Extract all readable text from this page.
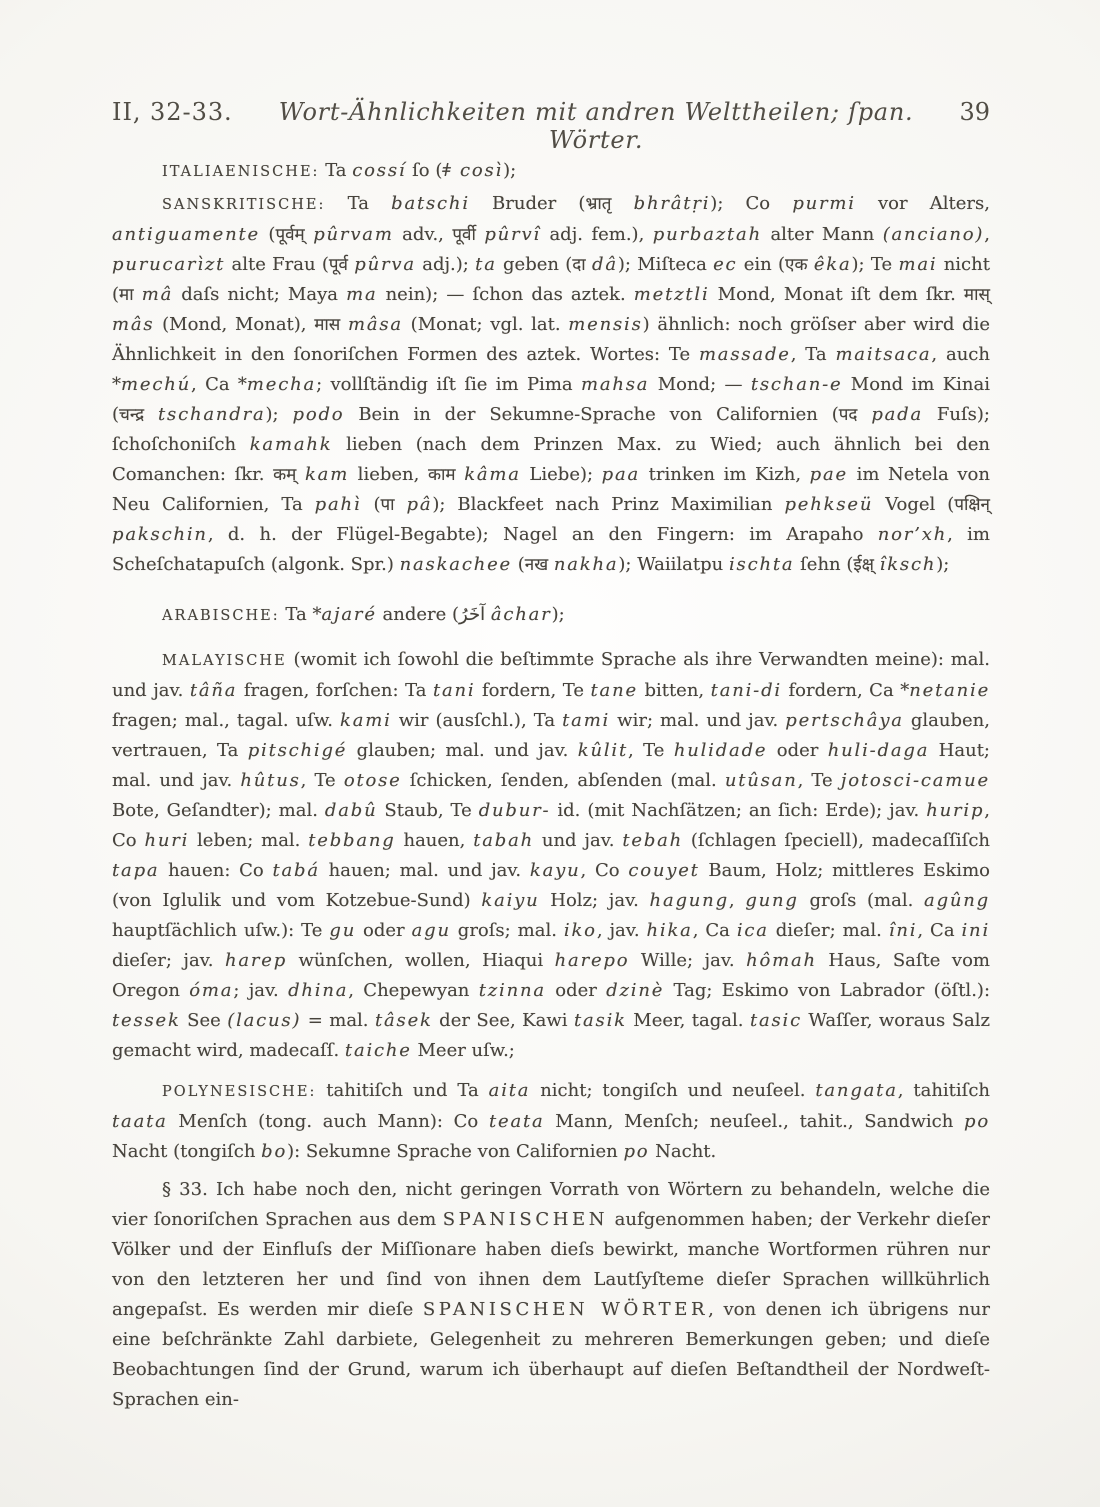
II, 32-33.	Wort-Ähnlichkeiten mit andren Welttheilen; ſpan. Wörter.
39

ITALIAENISCHE: Ta cossí ſo (ǂ così);

SANSKRITISCHE: Ta batschi Bruder (भ्रातृ bhrâtṛi); Co purmi vor Alters, antiguamente (पूर्वम् pûrvam adv., पूर्वी pûrvî adj. fem.), purbaztah alter Mann (anciano), purucarìzt alte Frau (पूर्व pûrva adj.); ta geben (दा dâ); Miſteca ec ein (एक êka); Te mai nicht (मा mâ daſs nicht; Maya ma nein); — ſchon das aztek. metztli Mond, Monat iſt dem ſkr. मास् mâs (Mond, Monat), मास mâsa (Monat; vgl. lat. mensis) ähnlich: noch gröſser aber wird die Ähnlichkeit in den ſonoriſchen Formen des aztek. Wortes: Te massade, Ta maitsaca, auch *mechú, Ca *mecha; vollſtändig iſt ſie im Pima mahsa Mond; — tschan-e Mond im Kinai (चन्द्र tschandra); podo Bein in der Sekumne-Sprache von Californien (पद pada Fuſs); ſchoſchoniſch kamahk lieben (nach dem Prinzen Max. zu Wied; auch ähnlich bei den Comanchen: ſkr. कम् kam lieben, काम kâma Liebe); paa trinken im Kizh, pae im Netela von Neu Californien, Ta pahì (पा pâ); Blackfeet nach Prinz Maximilian pehkseü Vogel (पक्षिन् pakschin, d. h. der Flügel-Begabte); Nagel an den Fingern: im Arapaho nor’xh, im Scheſchatapuſch (algonk. Spr.) naskachee (नख nakha); Waiilatpu ischta ſehn (ईक्ष् îksch);

ARABISCHE: Ta *ajaré andere (آخَرُ âchar);

MALAYISCHE (womit ich ſowohl die beſtimmte Sprache als ihre Verwandten meine): mal. und jav. tâña fragen, forſchen: Ta tani fordern, Te tane bitten, tani-di fordern, Ca *netanie fragen; mal., tagal. uſw. kami wir (ausſchl.), Ta tami wir; mal. und jav. pertschâya glauben, vertrauen, Ta pitschigé glauben; mal. und jav. kûlit, Te hulidade oder huli-daga Haut; mal. und jav. hûtus, Te otose ſchicken, ſenden, abſenden (mal. utûsan, Te jotosci-camue Bote, Geſandter); mal. dabû Staub, Te dubur- id. (mit Nachſätzen; an ſich: Erde); jav. hurip, Co huri leben; mal. tebbang hauen, tabah und jav. tebah (ſchlagen ſpeciell), madecaſſiſch tapa hauen: Co tabá hauen; mal. und jav. kayu, Co couyet Baum, Holz; mittleres Eskimo (von Iglulik und vom Kotzebue-Sund) kaiyu Holz; jav. hagung, gung groſs (mal. agûng hauptſächlich uſw.): Te gu oder agu groſs; mal. iko, jav. hika, Ca ica dieſer; mal. îni, Ca ini dieſer; jav. harep wünſchen, wollen, Hiaqui harepo Wille; jav. hômah Haus, Saſte vom Oregon óma; jav. dhina, Chepewyan tzinna oder dzinè Tag; Eskimo von Labrador (öſtl.): tessek See (lacus) = mal. tâsek der See, Kawi tasik Meer, tagal. tasic Waſſer, woraus Salz gemacht wird, madecaſſ. taiche Meer uſw.;

POLYNESISCHE: tahitiſch und Ta aita nicht; tongiſch und neuſeel. tangata, tahitiſch taata Menſch (tong. auch Mann): Co teata Mann, Menſch; neuſeel., tahit., Sandwich po Nacht (tongiſch bo): Sekumne Sprache von Californien po Nacht.

§ 33. Ich habe noch den, nicht geringen Vorrath von Wörtern zu behandeln, welche die vier ſonoriſchen Sprachen aus dem SPANISCHEN aufgenommen haben; der Verkehr dieſer Völker und der Einfluſs der Miſſionare haben dieſs bewirkt, manche Wortformen rühren nur von den letzteren her und ſind von ihnen dem Lautſyſteme dieſer Sprachen willkührlich angepaſst. Es werden mir dieſe SPANISCHEN WÖRTER, von denen ich übrigens nur eine beſchränkte Zahl darbiete, Gelegenheit zu mehreren Bemerkungen geben; und dieſe Beobachtungen ſind der Grund, warum ich überhaupt auf dieſen Beſtandtheil der Nordweſt-Sprachen ein-
